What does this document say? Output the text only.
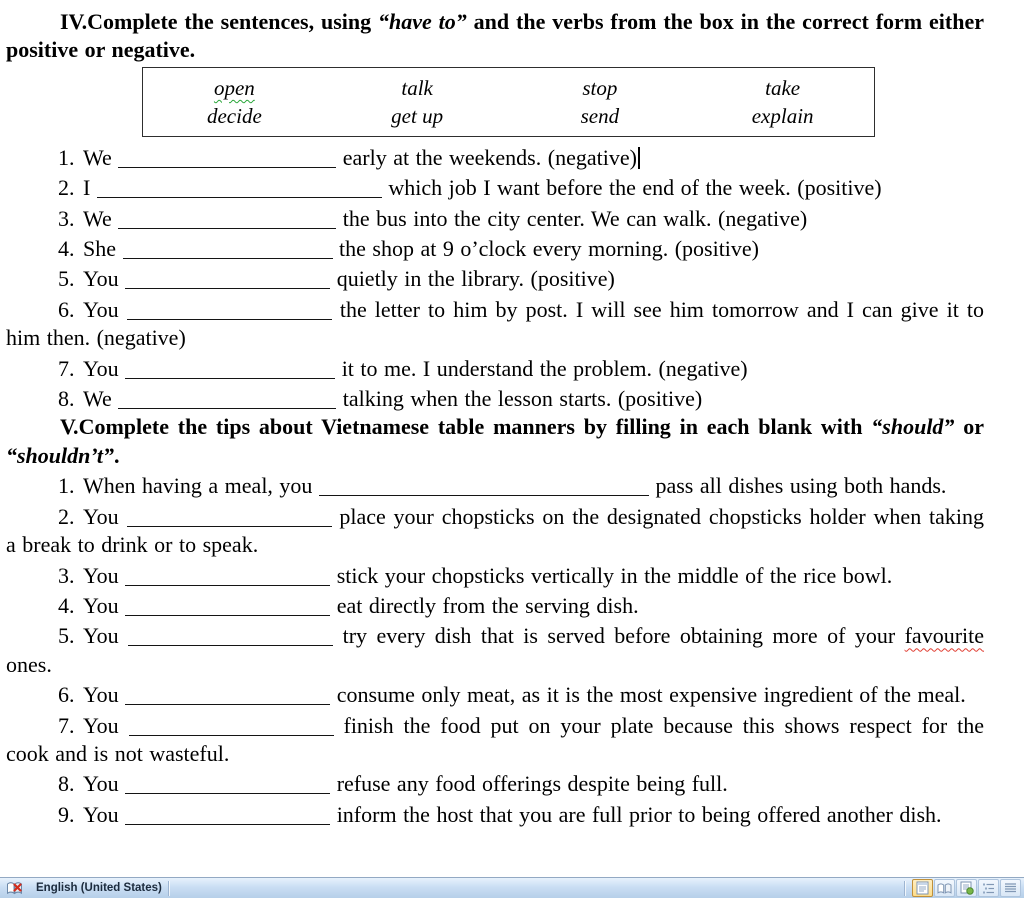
IV.Complete the sentences, using “have to” and the verbs from the box in the correct form either positive or negative.

open	talk	stop	take
decide	get up	send	explain

1. We	early at the weekends. (negative)

2. I	which job I want before the end of the week. (positive)

3. We	the bus into the city center. We can walk. (negative)

4. She	the shop at 9 o’clock every morning. (positive)

5. You	quietly in the library. (positive)

6. You	the letter to him by post. I will see him tomorrow and I can give it to him then. (negative)

7. You	it to me. I understand the problem. (negative)

8. We	talking when the lesson starts. (positive)

V.Complete the tips about Vietnamese table manners by filling in each blank with “should” or “shouldn’t”.

1. When having a meal, you	pass all dishes using both hands.

2. You	place your chopsticks on the designated chopsticks holder when taking a break to drink or to speak.

3. You	stick your chopsticks vertically in the middle of the rice bowl.

4. You	eat directly from the serving dish.

5. You	try every dish that is served before obtaining more of your favourite ones.

6. You	consume only meat, as it is the most expensive ingredient of the meal.

7. You	finish the food put on your plate because this shows respect for the cook and is not wasteful.

8. You	refuse any food offerings despite being full.

9. You	inform the host that you are full prior to being offered another dish.

English (United States)
